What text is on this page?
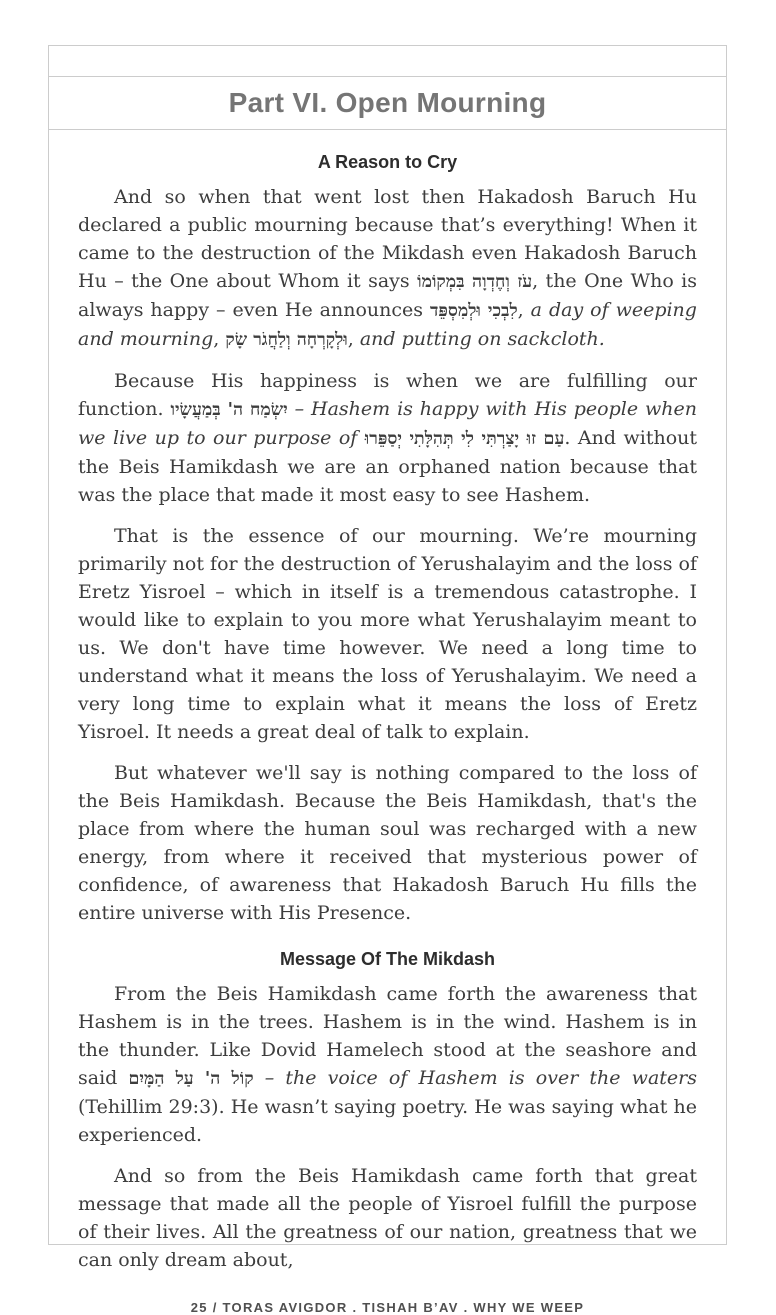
Part VI. Open Mourning
A Reason to Cry

And so when that went lost then Hakadosh Baruch Hu declared a public mourning because that’s everything! When it came to the destruction of the Mikdash even Hakadosh Baruch Hu – the One about Whom it says עֹז וְחֶדְוָה בִּמְקוֹמוֹ, the One Who is always happy – even He announces לִבְכִי וּלְמִסְפֵּד, a day of weeping and mourning, וּלְקָרְחָה וְלַחֲגֹר שָׂק, and putting on sackcloth.

Because His happiness is when we are fulfilling our function. יִשְׂמַח ה' בְּמַעֲשָׂיו – Hashem is happy with His people when we live up to our purpose of עַם זוּ יָצַרְתִּי לִי תְּהִלָּתִי יְסַפֵּרוּ. And without the Beis Hamikdash we are an orphaned nation because that was the place that made it most easy to see Hashem.

That is the essence of our mourning. We’re mourning primarily not for the destruction of Yerushalayim and the loss of Eretz Yisroel – which in itself is a tremendous catastrophe. I would like to explain to you more what Yerushalayim meant to us. We don't have time however. We need a long time to understand what it means the loss of Yerushalayim. We need a very long time to explain what it means the loss of Eretz Yisroel. It needs a great deal of talk to explain.

But whatever we'll say is nothing compared to the loss of the Beis Hamikdash. Because the Beis Hamikdash, that's the place from where the human soul was recharged with a new energy, from where it received that mysterious power of confidence, of awareness that Hakadosh Baruch Hu fills the entire universe with His Presence.

Message Of The Mikdash

From the Beis Hamikdash came forth the awareness that Hashem is in the trees. Hashem is in the wind. Hashem is in the thunder. Like Dovid Hamelech stood at the seashore and said קוֹל ה' עַל הַמָּיִם – the voice of Hashem is over the waters (Tehillim 29:3). He wasn’t saying poetry. He was saying what he experienced.

And so from the Beis Hamikdash came forth that great message that made all the people of Yisroel fulfill the purpose of their lives. All the greatness of our nation, greatness that we can only dream about,

25 / TORAS AVIGDOR . TISHAH B’AV . WHY WE WEEP
